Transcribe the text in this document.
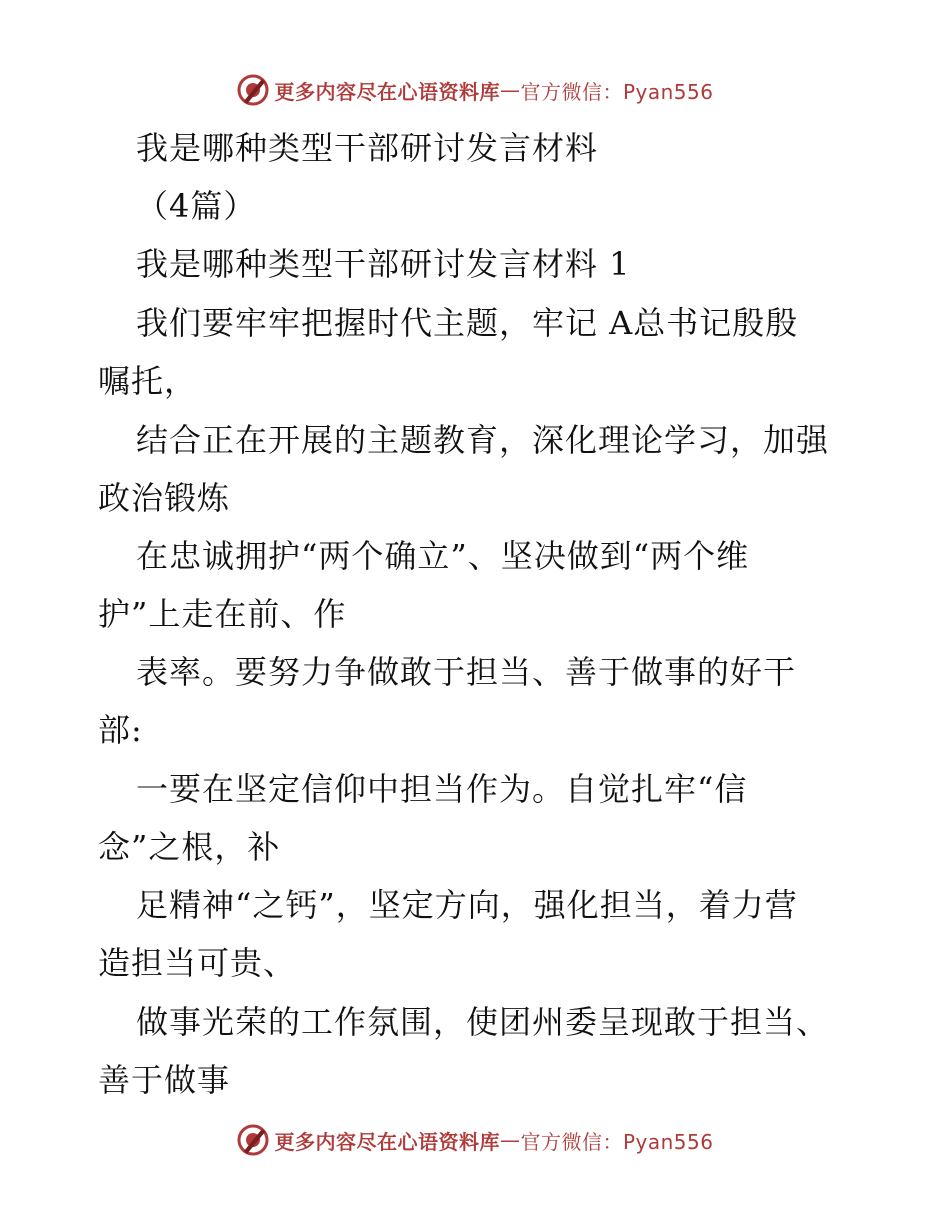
更多内容尽在心语资料库 — 官方微信：Pyan556
我是哪种类型干部研讨发言材料
（4篇）
我是哪种类型干部研讨发言材料 1
我们要牢牢把握时代主题，牢记 A总书记殷殷
嘱托，
结合正在开展的主题教育，深化理论学习，加强
政治锻炼
在忠诚拥护“两个确立”、坚决做到“两个维
护”上走在前、作
表率。要努力争做敢于担当、善于做事的好干
部:
一要在坚定信仰中担当作为。自觉扎牢“信
念”之根，补
足精神“之钙”，坚定方向，强化担当，着力营
造担当可贵、
做事光荣的工作氛围，使团州委呈现敢于担当、
善于做事
更多内容尽在心语资料库 — 官方微信：Pyan556
